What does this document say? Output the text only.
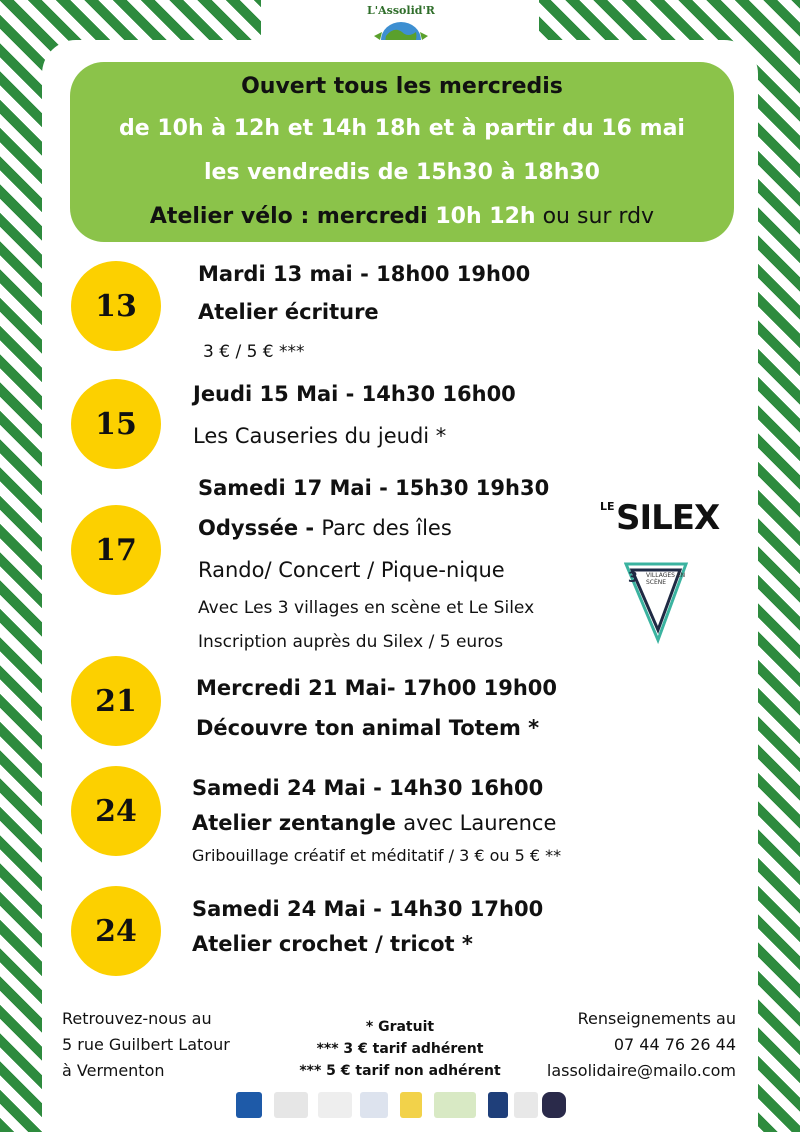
L'Assolid'R
Ouvert tous les mercredis
de 10h à 12h et 14h 18h et à partir du 16 mai
les vendredis de 15h30 à 18h30
Atelier vélo : mercredi 10h 12h ou sur rdv
13
Mardi 13 mai - 18h00 19h00
Atelier écriture
3 € / 5 € ***
15
Jeudi 15 Mai - 14h30 16h00
Les Causeries du jeudi *
17
Samedi 17 Mai - 15h30 19h30
Odyssée - Parc des îles
Rando/ Concert / Pique-nique
Avec Les 3 villages en scène et Le Silex
Inscription auprès du Silex / 5 euros
LE SILEX
3 VILLAGES EN SCÈNE
21	Mercredi 21 Mai- 17h00 19h00
Découvre ton animal Totem *
24
Samedi 24 Mai - 14h30 16h00
Atelier zentangle avec Laurence
Gribouillage créatif et méditatif / 3 € ou 5 € **
24
Samedi 24 Mai - 14h30 17h00
Atelier crochet / tricot *
Retrouvez-nous au
5 rue Guilbert Latour
à Vermenton
* Gratuit
*** 3 € tarif adhérent
*** 5 € tarif non adhérent
Renseignements au
07 44 76 26 44
lassolidaire@mailo.com
